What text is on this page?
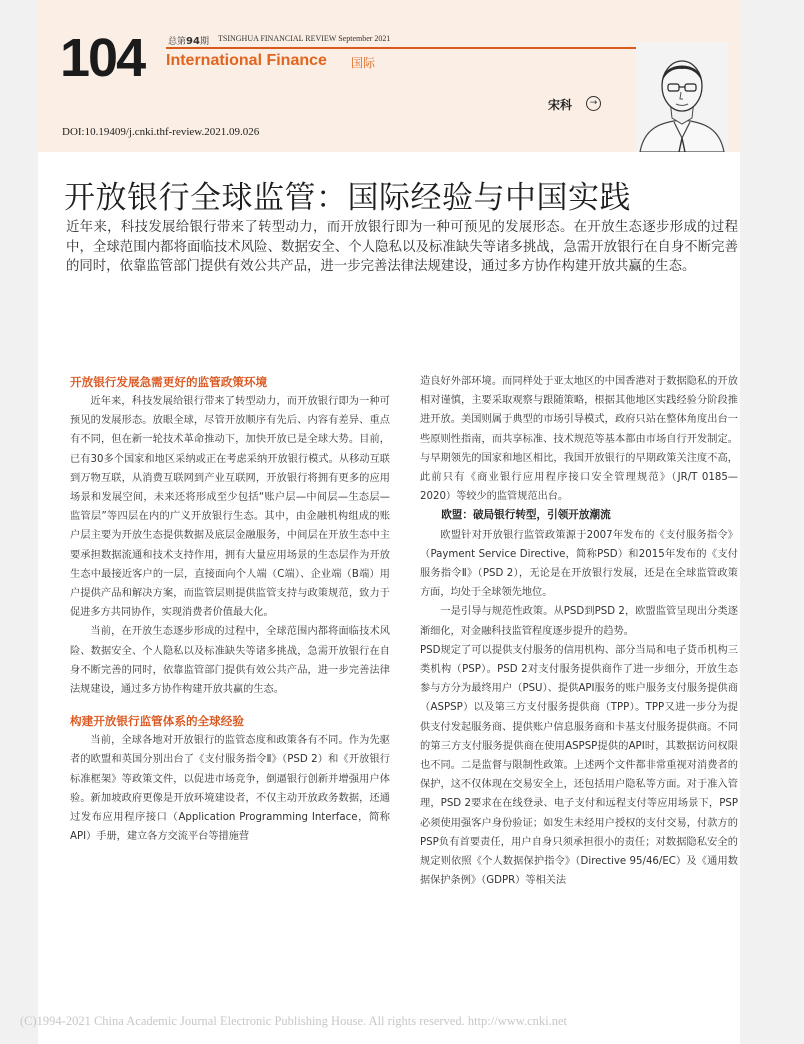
104	总第94期 TSINGHUA FINANCIAL REVIEW September 2021
International Finance 国际
宋科	→
DOI:10.19409/j.cnki.thf-review.2021.09.026
开放银行全球监管：国际经验与中国实践
近年来，科技发展给银行带来了转型动力，而开放银行即为一种可预见的发展形态。在开放生态逐步形成的过程中，全球范围内都将面临技术风险、数据安全、个人隐私以及标准缺失等诸多挑战，急需开放银行在自身不断完善的同时，依靠监管部门提供有效公共产品，进一步完善法律法规建设，通过多方协作构建开放共赢的生态。
开放银行发展急需更好的监管政策环境

近年来，科技发展给银行带来了转型动力，而开放银行即为一种可预见的发展形态。放眼全球，尽管开放顺序有先后、内容有差异、重点有不同，但在新一轮技术革命推动下，加快开放已是全球大势。目前，已有30多个国家和地区采纳或正在考虑采纳开放银行模式。从移动互联到万物互联，从消费互联网到产业互联网，开放银行将拥有更多的应用场景和发展空间，未来还将形成至少包括“账户层—中间层—生态层—监管层”等四层在内的广义开放银行生态。其中，由金融机构组成的账户层主要为开放生态提供数据及底层金融服务，中间层在开放生态中主要承担数据流通和技术支持作用，拥有大量应用场景的生态层作为开放生态中最接近客户的一层，直接面向个人端（C端）、企业端（B端）用户提供产品和解决方案，而监管层则提供监管支持与政策规范，致力于促进多方共同协作，实现消费者价值最大化。

当前，在开放生态逐步形成的过程中，全球范围内都将面临技术风险、数据安全、个人隐私以及标准缺失等诸多挑战，急需开放银行在自身不断完善的同时，依靠监管部门提供有效公共产品，进一步完善法律法规建设，通过多方协作构建开放共赢的生态。

构建开放银行监管体系的全球经验

当前，全球各地对开放银行的监管态度和政策各有不同。作为先驱者的欧盟和英国分别出台了《支付服务指令Ⅱ》（PSD 2）和《开放银行标准框架》等政策文件，以促进市场竞争，倒逼银行创新并增强用户体验。新加坡政府更像是开放环境建设者，不仅主动开放政务数据，还通过发布应用程序接口（Application Programming Interface，简称API）手册，建立各方交流平台等措施营

造良好外部环境。而同样处于亚太地区的中国香港对于数据隐私的开放相对谨慎，主要采取观察与跟随策略，根据其他地区实践经验分阶段推进开放。美国则属于典型的市场引导模式，政府只站在整体角度出台一些原则性指南，而共享标准、技术规范等基本都由市场自行开发制定。与早期领先的国家和地区相比，我国开放银行的早期政策关注度不高，此前只有《商业银行应用程序接口安全管理规范》（JR/T 0185—2020）等较少的监管规范出台。

欧盟：破局银行转型，引领开放潮流

欧盟针对开放银行监管政策源于2007年发布的《支付服务指令》（Payment Service Directive，简称PSD）和2015年发布的《支付服务指令Ⅱ》（PSD 2），无论是在开放银行发展，还是在全球监管政策方面，均处于全球领先地位。

一是引导与规范性政策。从PSD到PSD 2，欧盟监管呈现出分类逐渐细化，对金融科技监管程度逐步提升的趋势。

PSD规定了可以提供支付服务的信用机构、部分当局和电子货币机构三类机构（PSP）。PSD 2对支付服务提供商作了进一步细分，开放生态参与方分为最终用户（PSU）、提供API服务的账户服务支付服务提供商（ASPSP）以及第三方支付服务提供商（TPP）。TPP又进一步分为提供支付发起服务商、提供账户信息服务商和卡基支付服务提供商。不同的第三方支付服务提供商在使用ASPSP提供的API时，其数据访问权限也不同。二是监督与限制性政策。上述两个文件都非常重视对消费者的保护，这不仅体现在交易安全上，还包括用户隐私等方面。对于准入管理，PSD 2要求在在线登录、电子支付和远程支付等应用场景下，PSP必须使用强客户身份验证；如发生未经用户授权的支付交易，付款方的PSP负有首要责任，用户自身只须承担很小的责任；对数据隐私安全的规定则依照《个人数据保护指令》（Directive 95/46/EC）及《通用数据保护条例》（GDPR）等相关法

(C)1994-2021 China Academic Journal Electronic Publishing House. All rights reserved. http://www.cnki.net
